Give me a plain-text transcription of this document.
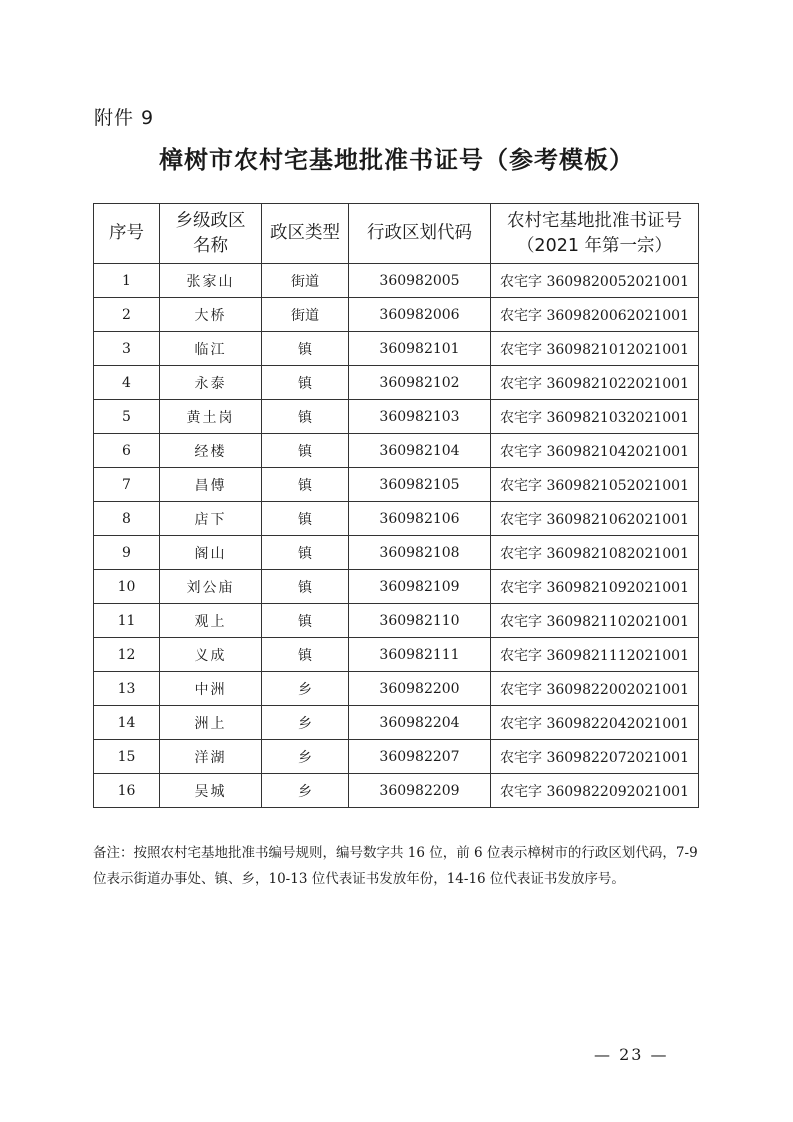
附件 9
樟树市农村宅基地批准书证号（参考模板）
序号	乡级政区名称	政区类型	行政区划代码	农村宅基地批准书证号（2021 年第一宗）
1	张家山	街道	360982005	农宅字 3609820052021001
2	大桥	街道	360982006	农宅字 3609820062021001
3	临江	镇	360982101	农宅字 3609821012021001
4	永泰	镇	360982102	农宅字 3609821022021001
5	黄土岗	镇	360982103	农宅字 3609821032021001
6	经楼	镇	360982104	农宅字 3609821042021001
7	昌傅	镇	360982105	农宅字 3609821052021001
8	店下	镇	360982106	农宅字 3609821062021001
9	阁山	镇	360982108	农宅字 3609821082021001
10	刘公庙	镇	360982109	农宅字 3609821092021001
11	观上	镇	360982110	农宅字 3609821102021001
12	义成	镇	360982111	农宅字 3609821112021001
13	中洲	乡	360982200	农宅字 3609822002021001
14	洲上	乡	360982204	农宅字 3609822042021001
15	洋湖	乡	360982207	农宅字 3609822072021001
16	吴城	乡	360982209	农宅字 3609822092021001
备注：按照农村宅基地批准书编号规则，编号数字共 16 位，前 6 位表示樟树市的行政区划代码，7-9 位表示街道办事处、镇、乡，10-13 位代表证书发放年份，14-16 位代表证书发放序号。
— 23 —
